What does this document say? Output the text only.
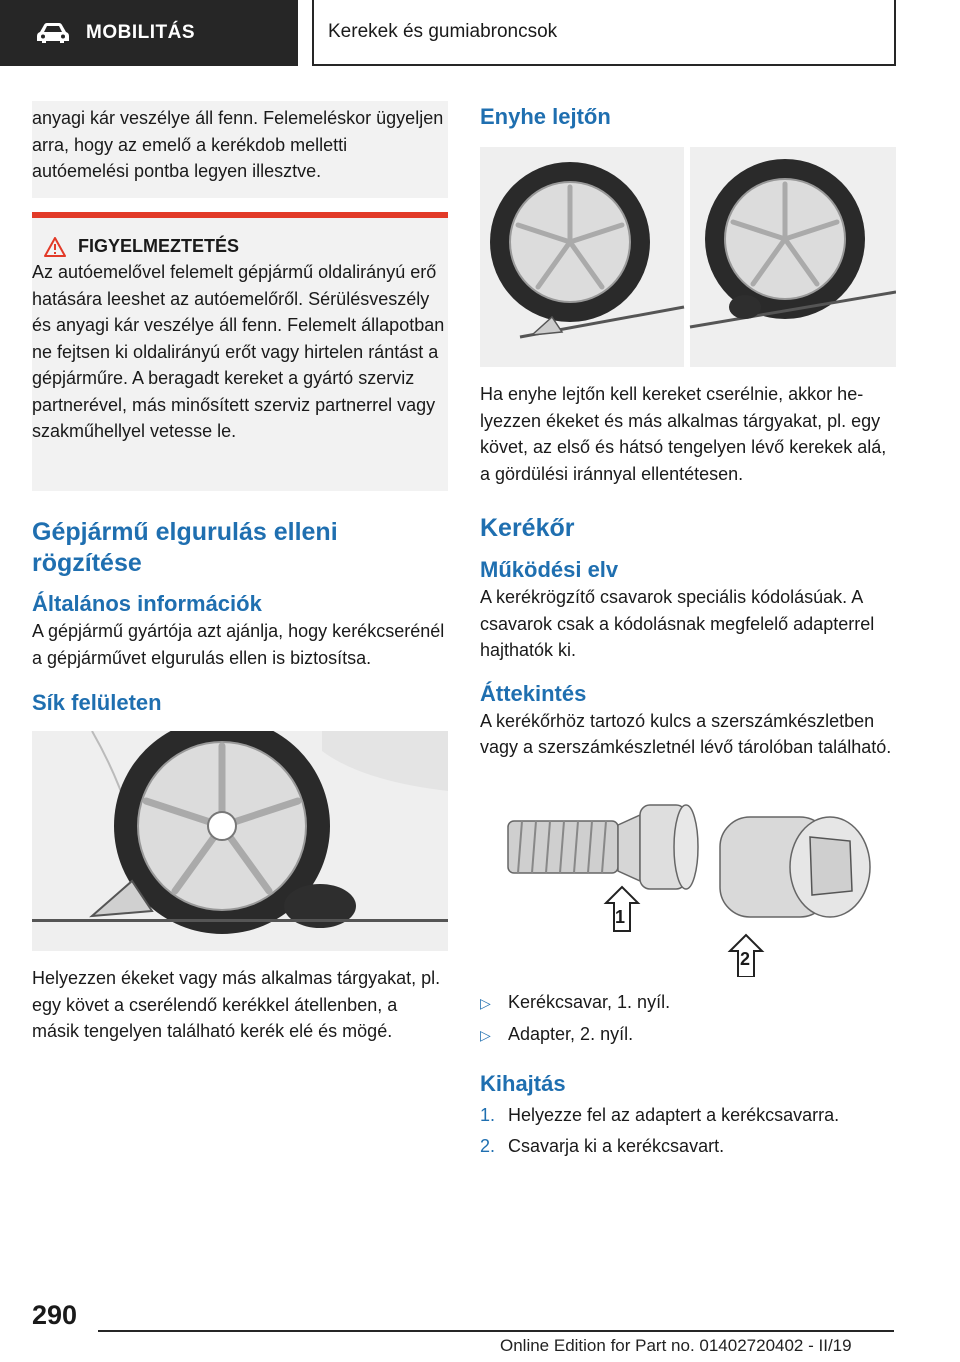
MOBILITÁS	Kerekek és gumiabroncsok

anyagi kár veszélye áll fenn. Felemeléskor ügyeljen arra, hogy az emelő a kerékdob melletti autóemelési pontba legyen illesztve.

FIGYELMEZTETÉS

Az autóemelővel felemelt gépjármű oldalirányú erő hatására leeshet az autóemelőről. Sérülésveszély és anyagi kár veszélye áll fenn. Felemelt állapotban ne fejtsen ki oldalirányú erőt vagy hirtelen rántást a gépjárműre. A beragadt kereket a gyártó szerviz partnerével, más minősített szerviz partnerrel vagy szakműhellyel vetesse le.

Gépjármű elgurulás elleni rögzítése
Általános információk

A gépjármű gyártója azt ajánlja, hogy kerékcserénél a gépjárművet elgurulás ellen is biztosítsa.

Sík felületen

Helyezzen ékeket vagy más alkalmas tárgyakat, pl. egy követ a cserélendő kerékkel átellenben, a másik tengelyen található kerék elé és mögé.

Enyhe lejtőn

Ha enyhe lejtőn kell kereket cserélnie, akkor helyezzen ékeket és más alkalmas tárgyakat, pl. egy követ, az első és hátsó tengelyen lévő kerekek alá, a gördülési iránnyal ellentétesen.

Kerékőr
Működési elv

A kerékrögzítő csavarok speciális kódolásúak. A csavarok csak a kódolásnak megfelelő adapterrel hajthatók ki.

Áttekintés

A kerékőrhöz tartozó kulcs a szerszámkészletben vagy a szerszámkészletnél lévő tárolóban található.

1
2
▷ Kerékcsavar, 1. nyíl.
▷ Adapter, 2. nyíl.
Kihajtás
1. Helyezze fel az adaptert a kerékcsavarra.
2. Csavarja ki a kerékcsavart.
290
Online Edition for Part no. 01402720402 - II/19
